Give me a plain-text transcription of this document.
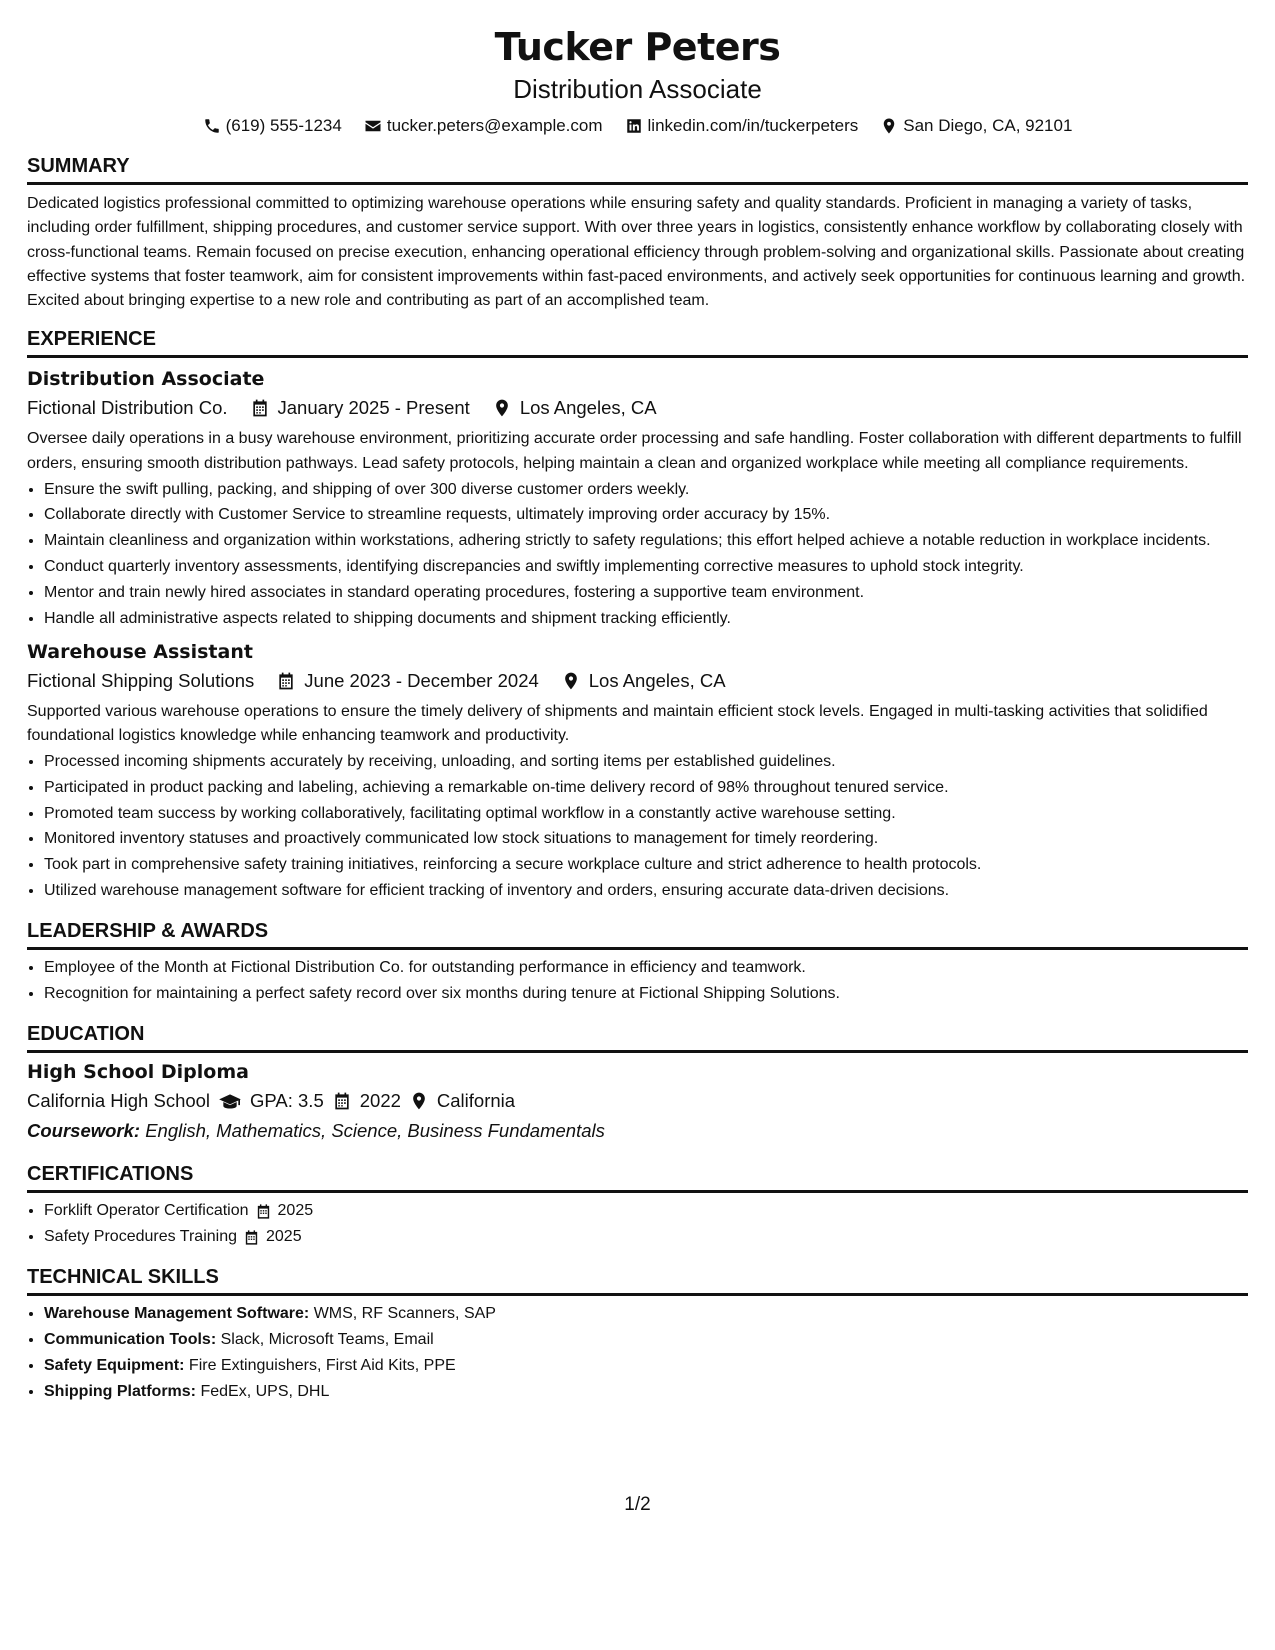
Tucker Peters
Distribution Associate
(619) 555-1234	tucker.peters@example.com	linkedin.com/in/tuckerpeters	San Diego, CA, 92101
SUMMARY
Dedicated logistics professional committed to optimizing warehouse operations while ensuring safety and quality standards. Proficient in managing a variety of tasks, including order fulfillment, shipping procedures, and customer service support. With over three years in logistics, consistently enhance workflow by collaborating closely with cross-functional teams. Remain focused on precise execution, enhancing operational efficiency through problem-solving and organizational skills. Passionate about creating effective systems that foster teamwork, aim for consistent improvements within fast-paced environments, and actively seek opportunities for continuous learning and growth. Excited about bringing expertise to a new role and contributing as part of an accomplished team.
EXPERIENCE
Distribution Associate
Fictional Distribution Co.	January 2025 - Present	Los Angeles, CA
Oversee daily operations in a busy warehouse environment, prioritizing accurate order processing and safe handling. Foster collaboration with different departments to fulfill orders, ensuring smooth distribution pathways. Lead safety protocols, helping maintain a clean and organized workplace while meeting all compliance requirements.
• Ensure the swift pulling, packing, and shipping of over 300 diverse customer orders weekly.
• Collaborate directly with Customer Service to streamline requests, ultimately improving order accuracy by 15%.
• Maintain cleanliness and organization within workstations, adhering strictly to safety regulations; this effort helped achieve a notable reduction in workplace incidents.
• Conduct quarterly inventory assessments, identifying discrepancies and swiftly implementing corrective measures to uphold stock integrity.
• Mentor and train newly hired associates in standard operating procedures, fostering a supportive team environment.
• Handle all administrative aspects related to shipping documents and shipment tracking efficiently.
Warehouse Assistant
Fictional Shipping Solutions	June 2023 - December 2024	Los Angeles, CA
Supported various warehouse operations to ensure the timely delivery of shipments and maintain efficient stock levels. Engaged in multi-tasking activities that solidified foundational logistics knowledge while enhancing teamwork and productivity.
• Processed incoming shipments accurately by receiving, unloading, and sorting items per established guidelines.
• Participated in product packing and labeling, achieving a remarkable on-time delivery record of 98% throughout tenured service.
• Promoted team success by working collaboratively, facilitating optimal workflow in a constantly active warehouse setting.
• Monitored inventory statuses and proactively communicated low stock situations to management for timely reordering.
• Took part in comprehensive safety training initiatives, reinforcing a secure workplace culture and strict adherence to health protocols.
• Utilized warehouse management software for efficient tracking of inventory and orders, ensuring accurate data-driven decisions.
LEADERSHIP & AWARDS
• Employee of the Month at Fictional Distribution Co. for outstanding performance in efficiency and teamwork.
• Recognition for maintaining a perfect safety record over six months during tenure at Fictional Shipping Solutions.
EDUCATION
High School Diploma
California High School GPA: 3.5 2022 California
Coursework: English, Mathematics, Science, Business Fundamentals
CERTIFICATIONS
• Forklift Operator Certification 2025
• Safety Procedures Training 2025
TECHNICAL SKILLS
• Warehouse Management Software: WMS, RF Scanners, SAP
• Communication Tools: Slack, Microsoft Teams, Email
• Safety Equipment: Fire Extinguishers, First Aid Kits, PPE
• Shipping Platforms: FedEx, UPS, DHL
1/2
